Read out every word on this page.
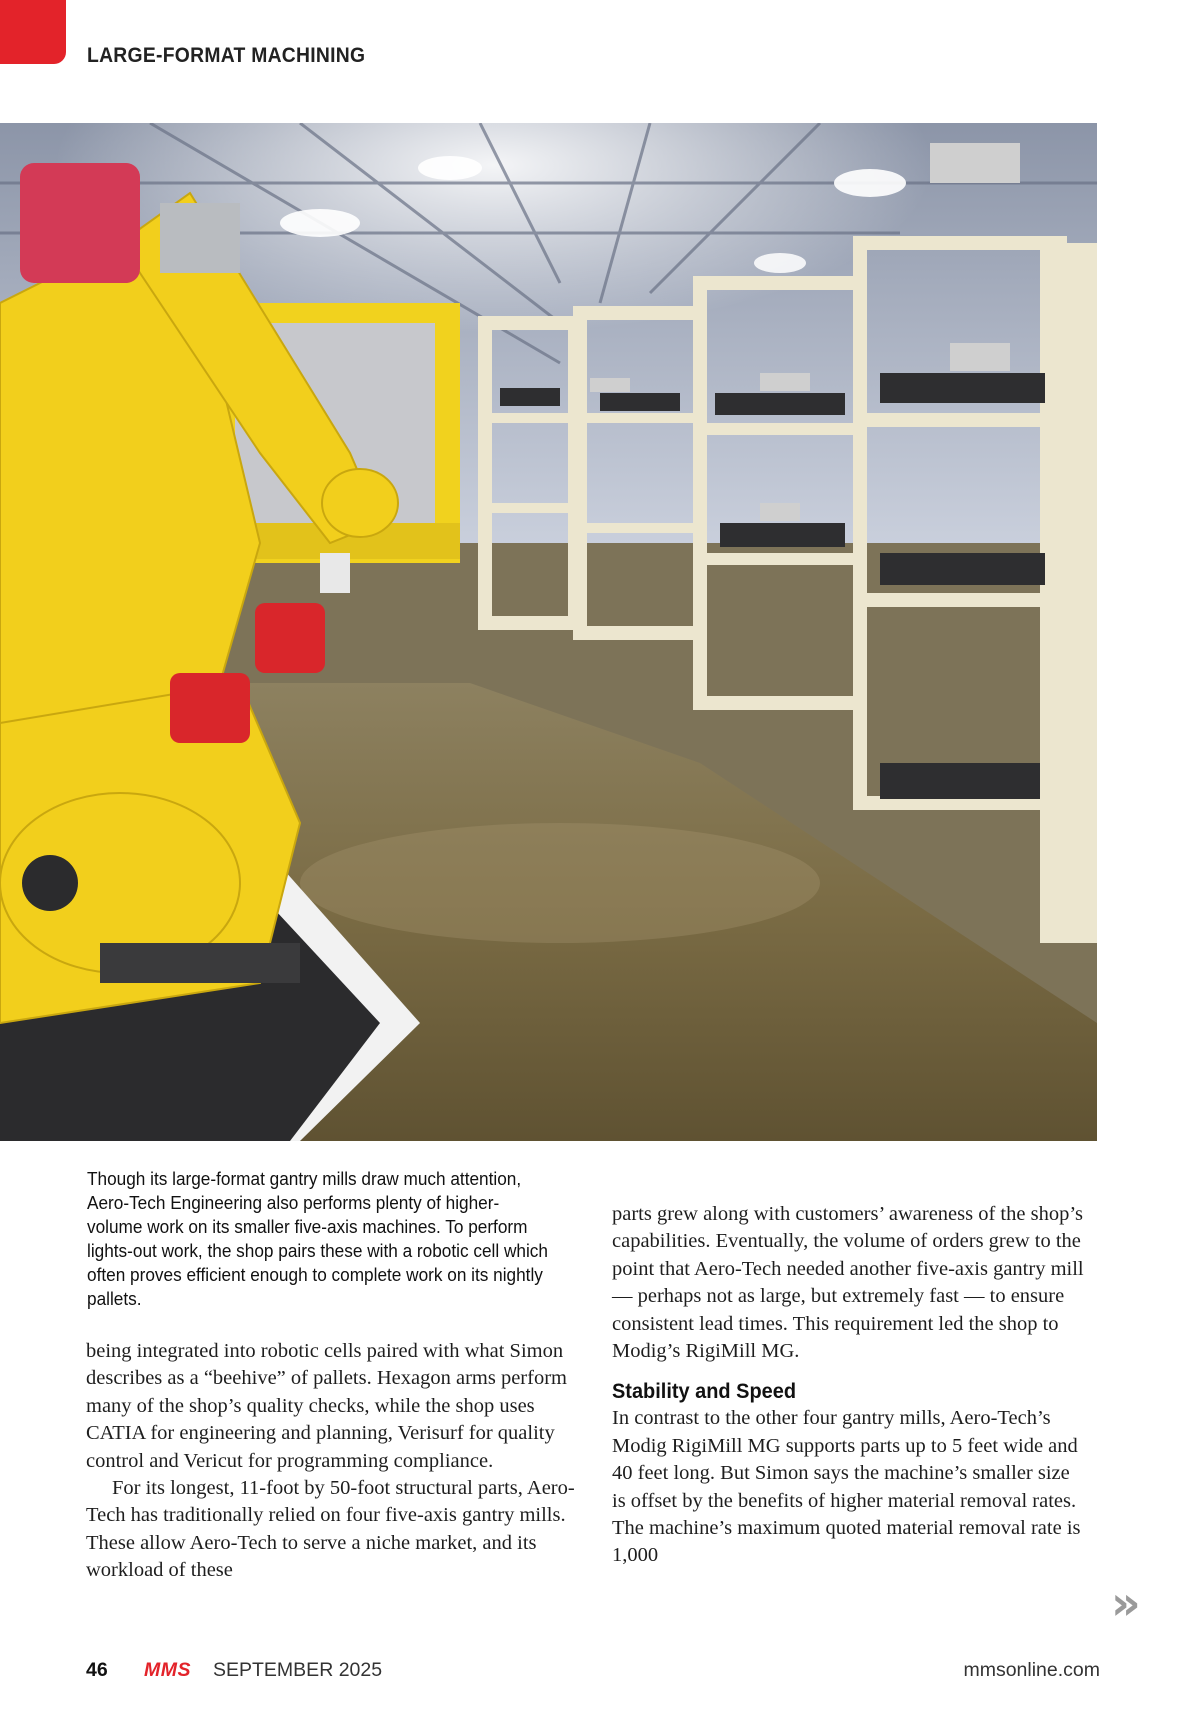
LARGE-FORMAT MACHINING
Though its large-format gantry mills draw much attention, Aero-Tech Engineering also performs plenty of higher-volume work on its smaller five-axis machines. To perform lights-out work, the shop pairs these with a robotic cell which often proves efficient enough to complete work on its nightly pallets.

being integrated into robotic cells paired with what Simon describes as a “beehive” of pallets. Hexagon arms perform many of the shop’s quality checks, while the shop uses CATIA for engineering and planning, Verisurf for quality control and Vericut for programming compliance.

For its longest, 11-foot by 50-foot structural parts, Aero-Tech has traditionally relied on four five-axis gantry mills. These allow Aero-Tech to serve a niche market, and its workload of these

parts grew along with customers’ awareness of the shop’s capabilities. Eventually, the volume of orders grew to the point that Aero-Tech needed another five-axis gantry mill — perhaps not as large, but extremely fast — to ensure consistent lead times. This requirement led the shop to Modig’s RigiMill MG.

Stability and Speed

In contrast to the other four gantry mills, Aero-Tech’s Modig RigiMill MG supports parts up to 5 feet wide and 40 feet long. But Simon says the machine’s smaller size is offset by the benefits of higher material removal rates. The machine’s maximum quoted material removal rate is 1,000

»
46 MMS SEPTEMBER 2025	mmsonline.com
